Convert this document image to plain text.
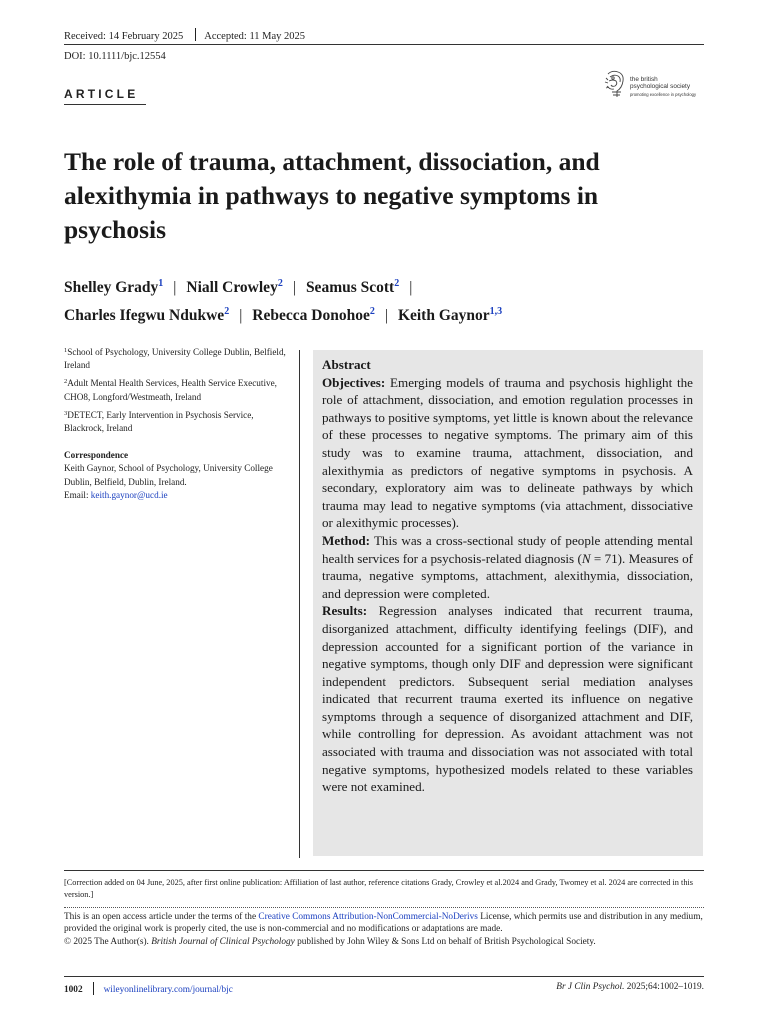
Received: 14 February 2025 Accepted: 11 May 2025
DOI: 10.1111/bjc.12554
the british
psychological society
promoting excellence in psychology
ARTICLE
The role of trauma, attachment, dissociation, and alexithymia in pathways to negative symptoms in psychosis
Shelley Grady$^1$ | Niall Crowley$^2$ | Seamus Scott$^2$ |
Charles Ifegwu Ndukwe$^2$ | Rebecca Donohoe$^2$ | Keith Gaynor$^{1,3}$

$^1$School of Psychology, University College Dublin, Belfield, Ireland

$^2$Adult Mental Health Services, Health Service Executive, CHO8, Longford/Westmeath, Ireland

$^3$DETECT, Early Intervention in Psychosis Service, Blackrock, Ireland

Correspondence

Keith Gaynor, School of Psychology, University College Dublin, Belfield, Dublin, Ireland.
Email: keith.gaynor@ucd.ie

Abstract

Objectives: Emerging models of trauma and psychosis highlight the role of attachment, dissociation, and emotion regulation processes in pathways to positive symptoms, yet little is known about the relevance of these processes to negative symptoms. The primary aim of this study was to examine trauma, attachment, dissociation, and alexithymia as predictors of negative symptoms in psychosis. A secondary, exploratory aim was to delineate pathways by which trauma may lead to negative symptoms (via attachment, dissociative or alexithymic processes).

Method: This was a cross-sectional study of people attending mental health services for a psychosis-related diagnosis (N = 71). Measures of trauma, negative symptoms, attachment, alexithymia, dissociation, and depression were completed.

Results: Regression analyses indicated that recurrent trauma, disorganized attachment, difficulty identifying feelings (DIF), and depression accounted for a significant portion of the variance in negative symptoms, though only DIF and depression were significant independent predictors. Subsequent serial mediation analyses indicated that recurrent trauma exerted its influence on negative symptoms through a sequence of disorganized attachment and DIF, while controlling for depression. As avoidant attachment was not associated with trauma and dissociation was not associated with total negative symptoms, hypothesized models related to these variables were not examined.

[Correction added on 04 June, 2025, after first online publication: Affiliation of last author, reference citations Grady, Crowley et al.2024 and Grady, Twomey et al. 2024 are corrected in this version.]

This is an open access article under the terms of the Creative Commons Attribution-NonCommercial-NoDerivs License, which permits use and distribution in any medium, provided the original work is properly cited, the use is non-commercial and no modifications or adaptations are made.

© 2025 The Author(s). British Journal of Clinical Psychology published by John Wiley & Sons Ltd on behalf of British Psychological Society.

1002 wileyonlinelibrary.com/journal/bjc	Br J Clin Psychol. 2025;64:1002–1019.
